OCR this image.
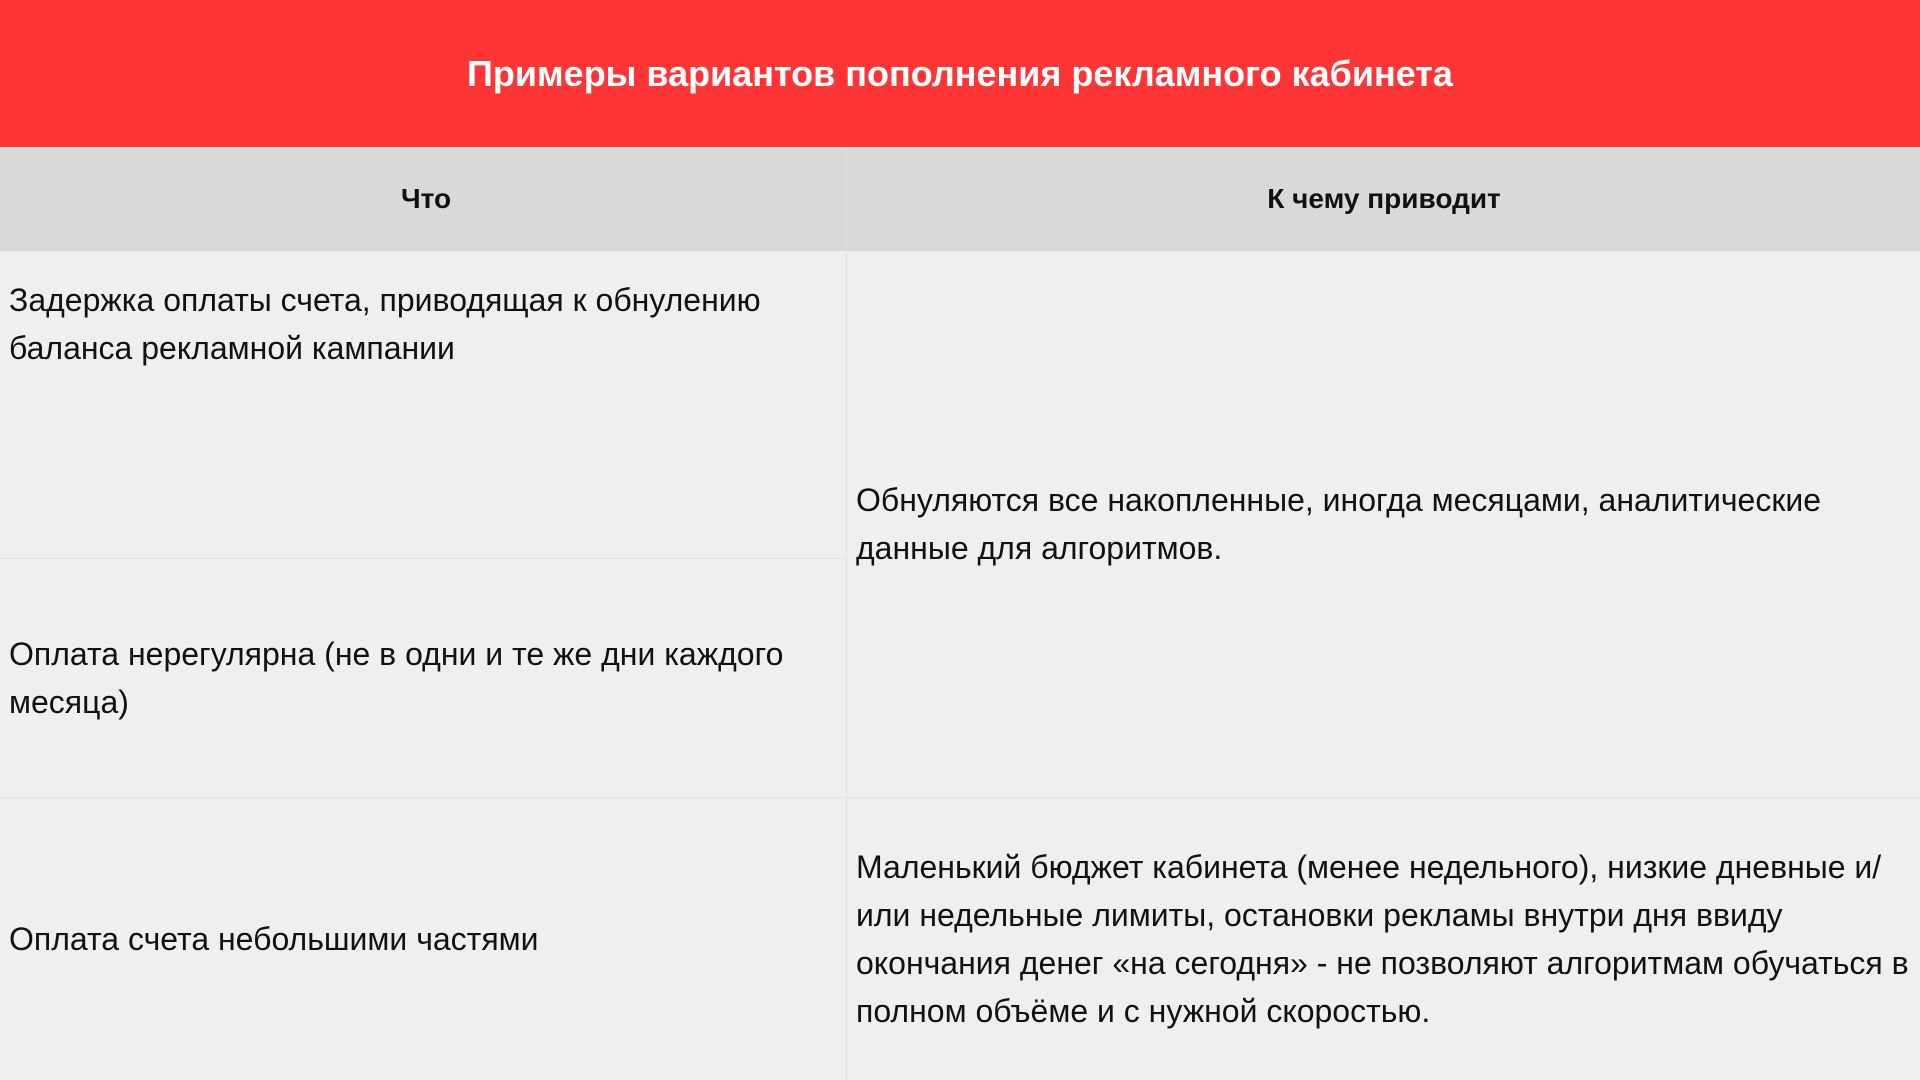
Примеры вариантов пополнения рекламного кабинета
Что	К чему приводит
Задержка оплаты счета, приводящая к обнулению баланса рекламной кампании
Оплата нерегулярна (не в одни и те же дни каждого месяца)
Оплата счета небольшими частями
Обнуляются все накопленные, иногда месяцами, аналитические данные для алгоритмов.
Маленький бюджет кабинета (менее недельного), низкие дневные и/ или недельные лимиты, остановки рекламы внутри дня ввиду окончания денег «на сегодня» - не позволяют алгоритмам обучаться в полном объёме и с нужной скоростью.
